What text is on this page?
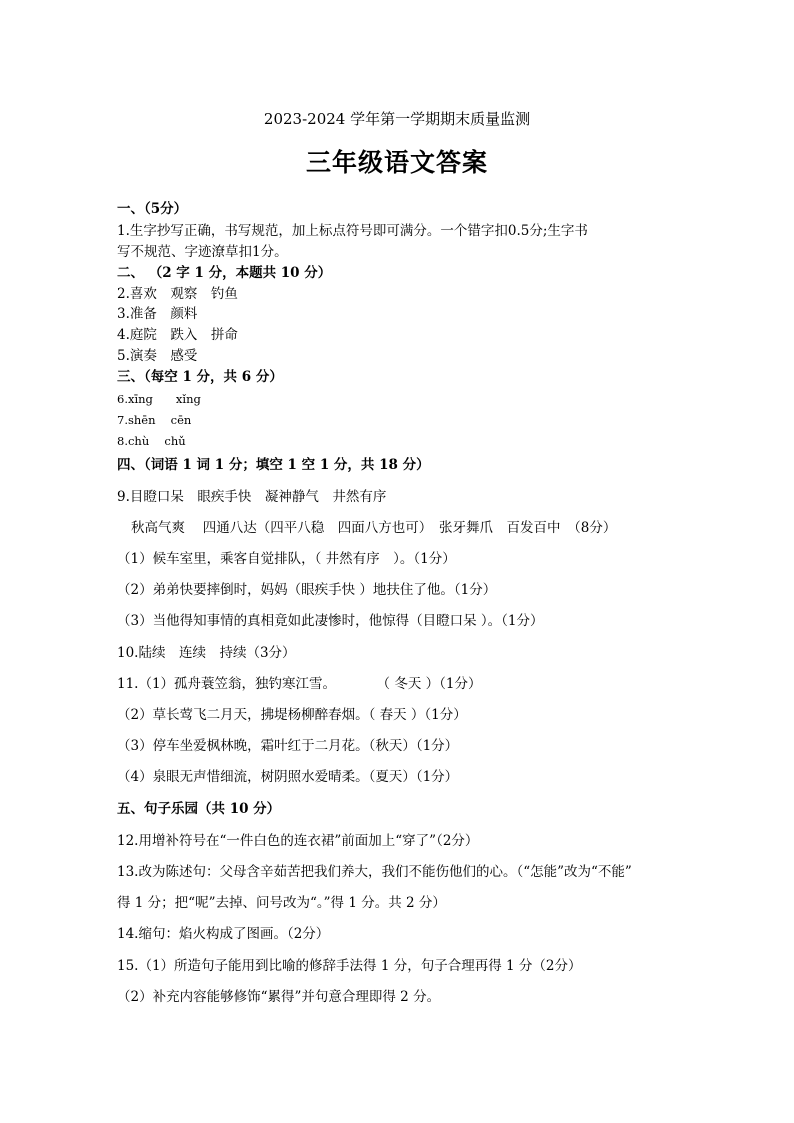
2023-2024 学年第一学期期末质量监测
三年级语文答案
一、（5分）
1.生字抄写正确，书写规范，加上标点符号即可满分。一个错字扣0.5分;生字书
写不规范、字迹潦草扣1分。
二、 （2 字 1 分，本题共 10 分）
2.喜欢　观察　钓鱼
3.准备　颜料
4.庭院　跌入　拼命
5.演奏　感受
三、（每空 1 分，共 6 分）
6.xīng　　xǐng
7.shēn　 cēn
8.chù　 chǔ
四、（词语 1 词 1 分；填空 1 空 1 分，共 18 分）
9.目瞪口呆　眼疾手快　凝神静气　井然有序
秋高气爽　 四通八达（四平八稳　四面八方也可）　张牙舞爪　百发百中　（8分）
（1）候车室里，乘客自觉排队，（ 井然有序　）。（1分）
（2）弟弟快要摔倒时，妈妈（眼疾手快 ）地扶住了他。（1分）
（3）当他得知事情的真相竟如此凄惨时，他惊得（目瞪口呆 ）。（1分）
10.陆续　连续　持续（3分）
11.（1）孤舟蓑笠翁，独钓寒江雪。　　　　（ 冬天 ）（1分）
（2）草长莺飞二月天，拂堤杨柳醉春烟。（ 春天 ）（1分）
（3）停车坐爱枫林晚，霜叶红于二月花。（秋天）（1分）
（4）泉眼无声惜细流，树阴照水爱晴柔。（夏天）（1分）
五、句子乐园（共 10 分）
12.用增补符号在“一件白色的连衣裙”前面加上“穿了”（2分）
13.改为陈述句：父母含辛茹苦把我们养大，我们不能伤他们的心。（“怎能”改为“不能”
得 1 分；把“呢”去掉、问号改为“。”得 1 分。共 2 分）
14.缩句：焰火构成了图画。（2分）
15.（1）所造句子能用到比喻的修辞手法得 1 分，句子合理再得 1 分（2分）
（2）补充内容能够修饰“累得”并句意合理即得 2 分。
